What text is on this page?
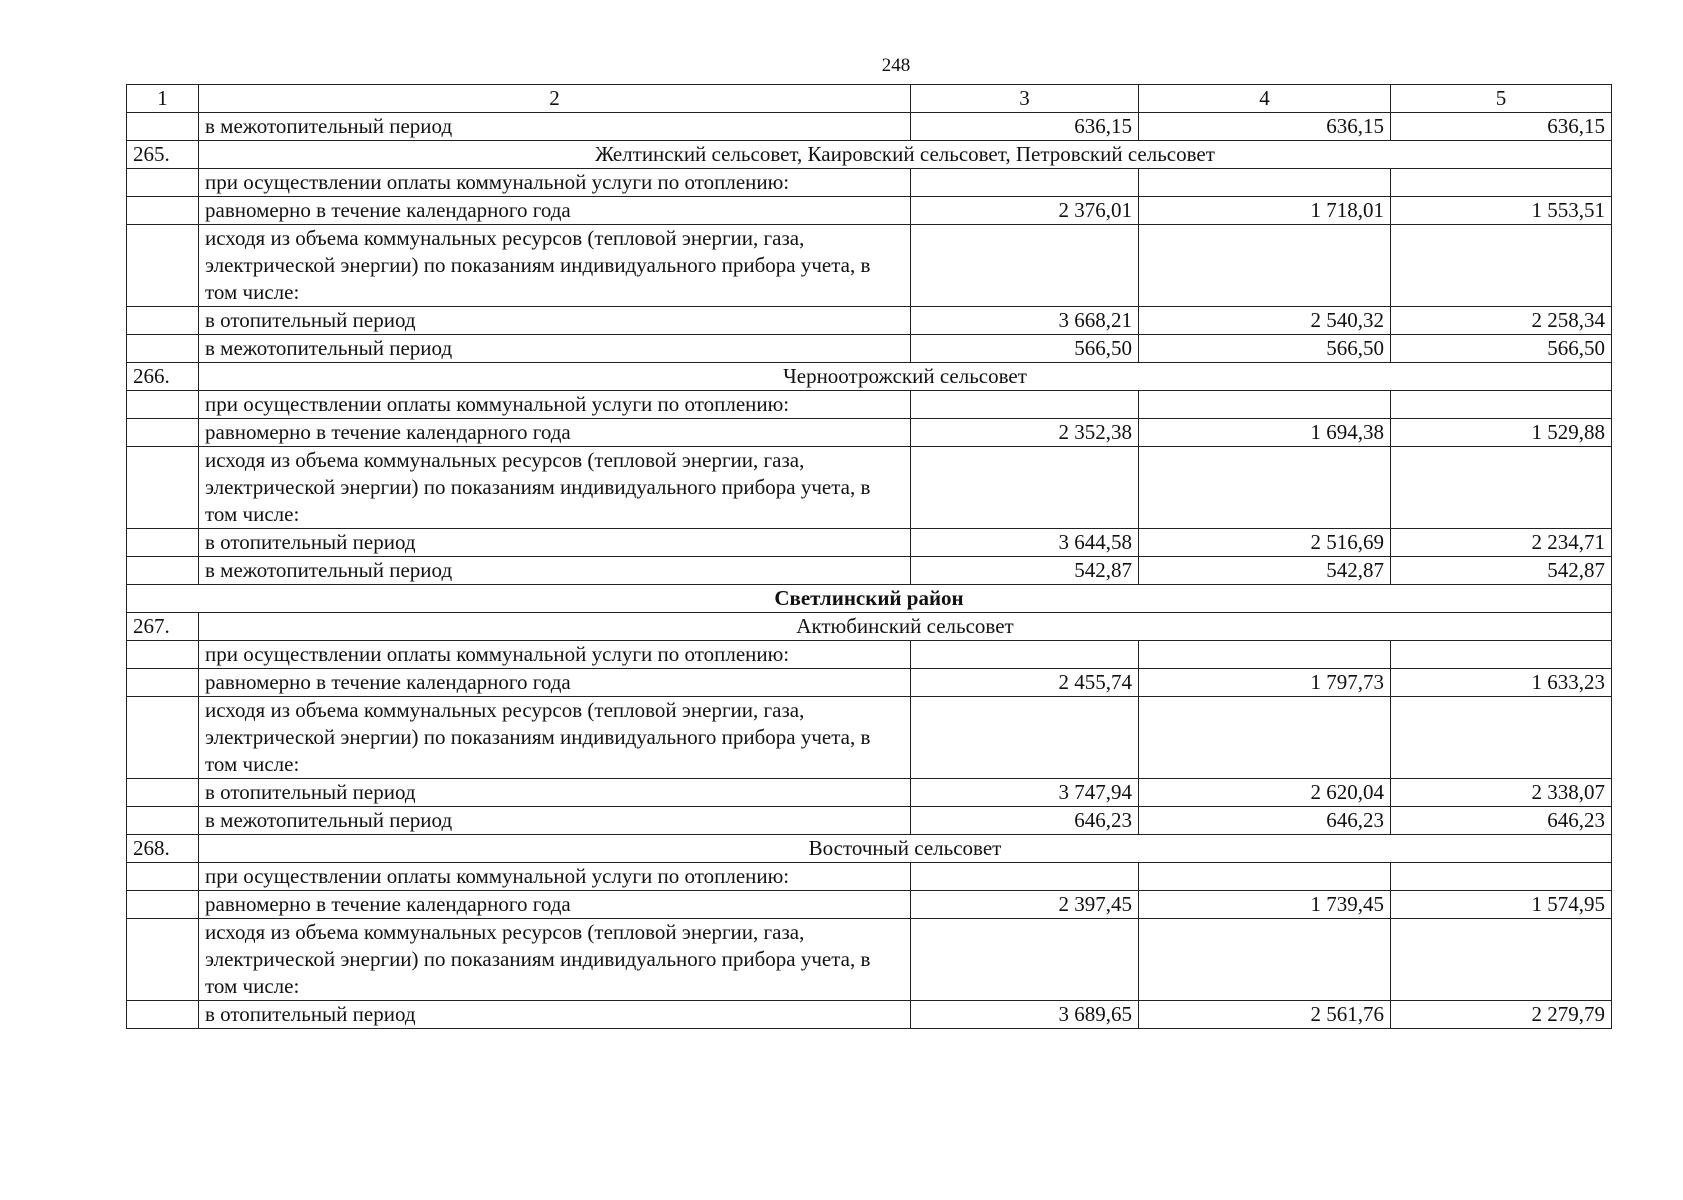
248
1	2	3	4	5
	в межотопительный период	636,15	636,15	636,15
265.	Желтинский сельсовет, Каировский сельсовет, Петровский сельсовет			
	при осуществлении оплаты коммунальной услуги по отоплению:			
	равномерно в течение календарного года	2 376,01	1 718,01	1 553,51
	исходя из объема коммунальных ресурсов (тепловой энергии, газа, электрической энергии) по показаниям индивидуального прибора учета, в том числе:			
	в отопительный период	3 668,21	2 540,32	2 258,34
	в межотопительный период	566,50	566,50	566,50
266.	Черноотрожский сельсовет			
	при осуществлении оплаты коммунальной услуги по отоплению:			
	равномерно в течение календарного года	2 352,38	1 694,38	1 529,88
	исходя из объема коммунальных ресурсов (тепловой энергии, газа, электрической энергии) по показаниям индивидуального прибора учета, в том числе:			
	в отопительный период	3 644,58	2 516,69	2 234,71
	в межотопительный период	542,87	542,87	542,87
Светлинский район				
267.	Актюбинский сельсовет			
	при осуществлении оплаты коммунальной услуги по отоплению:			
	равномерно в течение календарного года	2 455,74	1 797,73	1 633,23
	исходя из объема коммунальных ресурсов (тепловой энергии, газа, электрической энергии) по показаниям индивидуального прибора учета, в том числе:			
	в отопительный период	3 747,94	2 620,04	2 338,07
	в межотопительный период	646,23	646,23	646,23
268.	Восточный сельсовет			
	при осуществлении оплаты коммунальной услуги по отоплению:			
	равномерно в течение календарного года	2 397,45	1 739,45	1 574,95
	исходя из объема коммунальных ресурсов (тепловой энергии, газа, электрической энергии) по показаниям индивидуального прибора учета, в том числе:			
	в отопительный период	3 689,65	2 561,76	2 279,79
